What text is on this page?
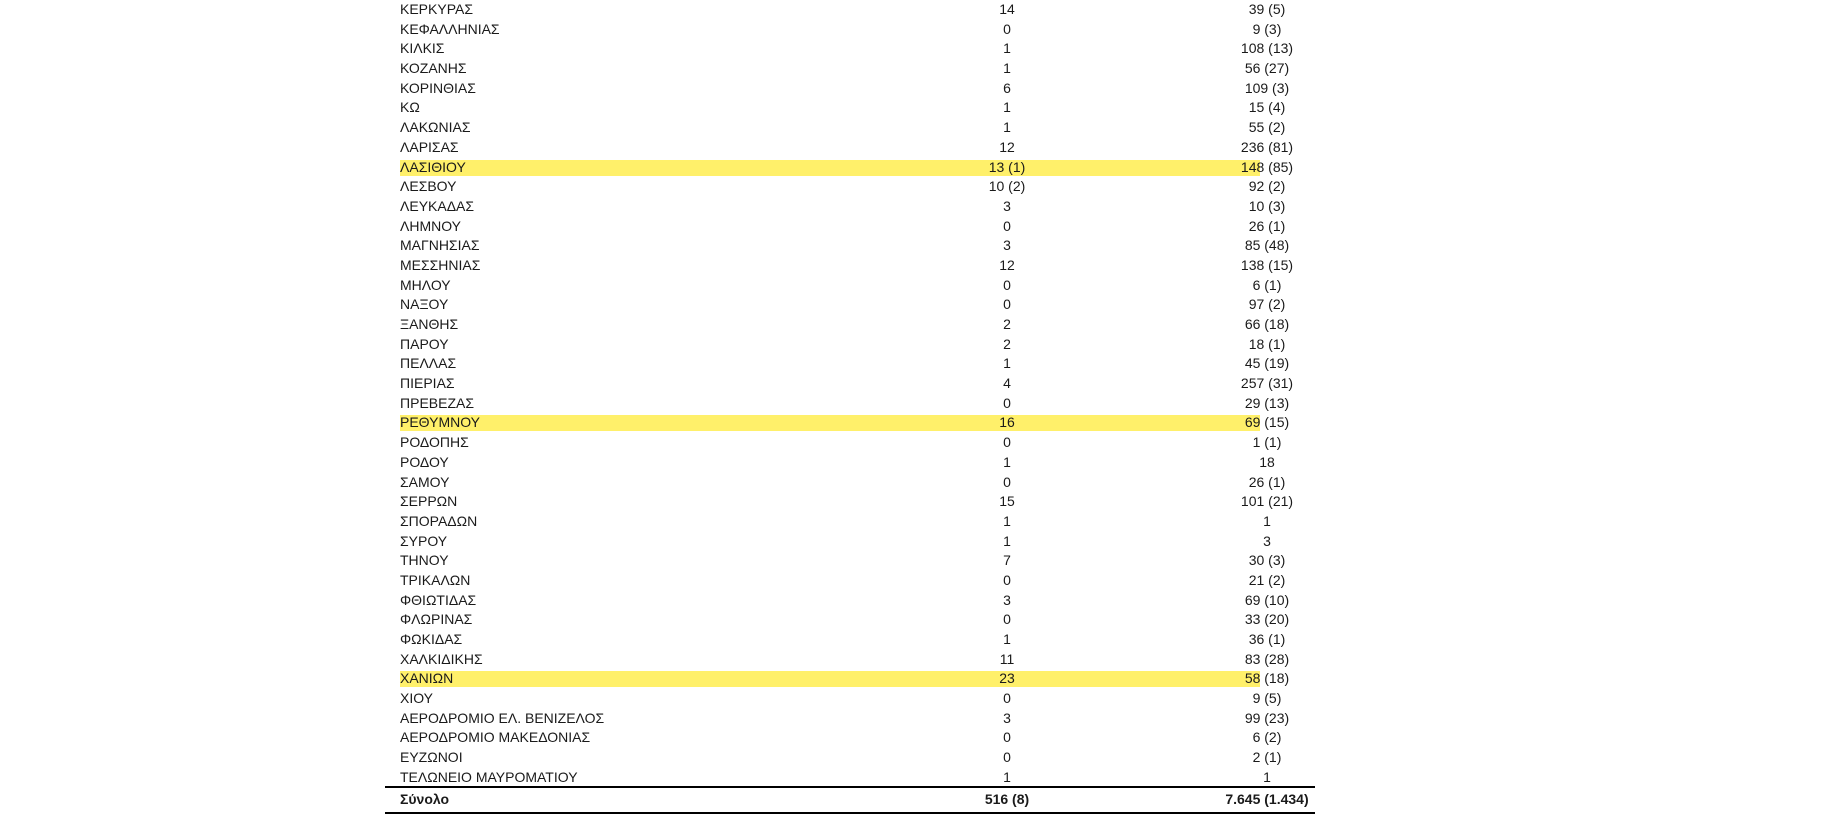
ΚΕΡΚΥΡΑΣ	14	39 (5)
ΚΕΦΑΛΛΗΝΙΑΣ	0	9 (3)
ΚΙΛΚΙΣ	1	108 (13)
ΚΟΖΑΝΗΣ	1	56 (27)
ΚΟΡΙΝΘΙΑΣ	6	109 (3)
ΚΩ	1	15 (4)
ΛΑΚΩΝΙΑΣ	1	55 (2)
ΛΑΡΙΣΑΣ	12	236 (81)
ΛΑΣΙΘΙΟΥ	13 (1)	148 (85)
ΛΕΣΒΟΥ	10 (2)	92 (2)
ΛΕΥΚΑΔΑΣ	3	10 (3)
ΛΗΜΝΟΥ	0	26 (1)
ΜΑΓΝΗΣΙΑΣ	3	85 (48)
ΜΕΣΣΗΝΙΑΣ	12	138 (15)
ΜΗΛΟΥ	0	6 (1)
ΝΑΞΟΥ	0	97 (2)
ΞΑΝΘΗΣ	2	66 (18)
ΠΑΡΟΥ	2	18 (1)
ΠΕΛΛΑΣ	1	45 (19)
ΠΙΕΡΙΑΣ	4	257 (31)
ΠΡΕΒΕΖΑΣ	0	29 (13)
ΡΕΘΥΜΝΟΥ	16	69 (15)
ΡΟΔΟΠΗΣ	0	1 (1)
ΡΟΔΟΥ	1	18
ΣΑΜΟΥ	0	26 (1)
ΣΕΡΡΩΝ	15	101 (21)
ΣΠΟΡΑΔΩΝ	1	1
ΣΥΡΟΥ	1	3
ΤΗΝΟΥ	7	30 (3)
ΤΡΙΚΑΛΩΝ	0	21 (2)
ΦΘΙΩΤΙΔΑΣ	3	69 (10)
ΦΛΩΡΙΝΑΣ	0	33 (20)
ΦΩΚΙΔΑΣ	1	36 (1)
ΧΑΛΚΙΔΙΚΗΣ	11	83 (28)
ΧΑΝΙΩΝ	23	58 (18)
ΧΙΟΥ	0	9 (5)
ΑΕΡΟΔΡΟΜΙΟ ΕΛ. ΒΕΝΙΖΕΛΟΣ	3	99 (23)
ΑΕΡΟΔΡΟΜΙΟ ΜΑΚΕΔΟΝΙΑΣ	0	6 (2)
ΕΥΖΩΝΟΙ	0	2 (1)
ΤΕΛΩΝΕΙΟ ΜΑΥΡΟΜΑΤΙΟΥ	1	1
Σύνολο	516 (8)	7.645 (1.434)
